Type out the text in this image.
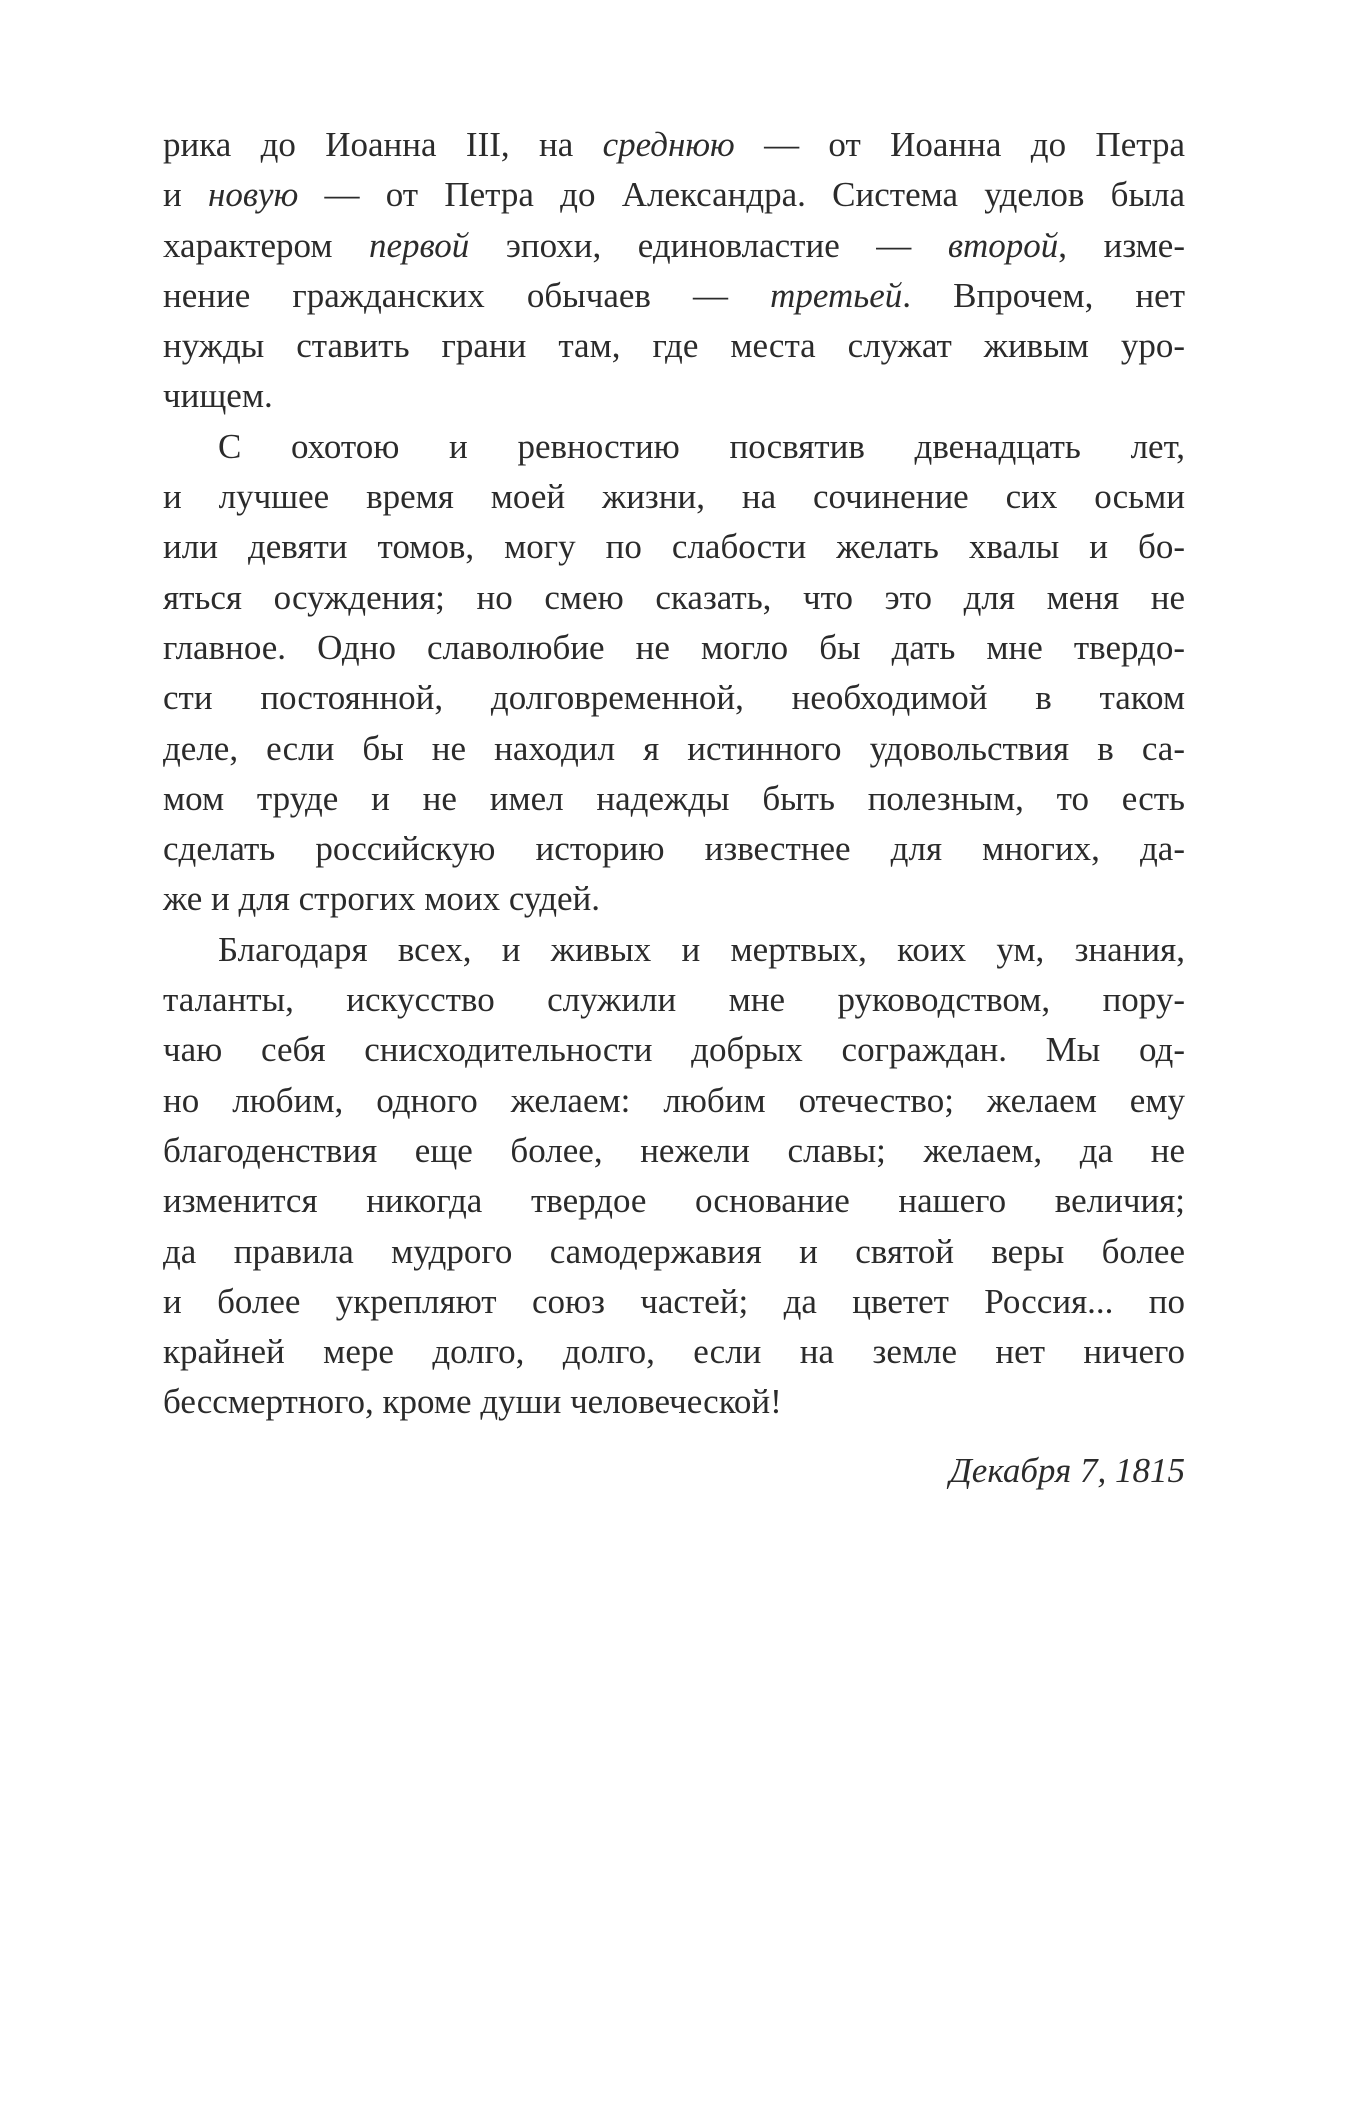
рика до Иоанна III, на среднюю — от Иоанна до Петра
и новую — от Петра до Александра. Система уделов была
характером первой эпохи, единовластие — второй, изме-
нение гражданских обычаев — третьей. Впрочем, нет
нужды ставить грани там, где места служат живым уро-
чищем.
С охотою и ревностию посвятив двенадцать лет,
и лучшее время моей жизни, на сочинение сих осьми
или девяти томов, могу по слабости желать хвалы и бо-
яться осуждения; но смею сказать, что это для меня не
главное. Одно славолюбие не могло бы дать мне твердо-
сти постоянной, долговременной, необходимой в таком
деле, если бы не находил я истинного удовольствия в са-
мом труде и не имел надежды быть полезным, то есть
сделать российскую историю известнее для многих, да-
же и для строгих моих судей.
Благодаря всех, и живых и мертвых, коих ум, знания,
таланты, искусство служили мне руководством, пору-
чаю себя снисходительности добрых сограждан. Мы од-
но любим, одного желаем: любим отечество; желаем ему
благоденствия еще более, нежели славы; желаем, да не
изменится никогда твердое основание нашего величия;
да правила мудрого самодержавия и святой веры более
и более укрепляют союз частей; да цветет Россия... по
крайней мере долго, долго, если на земле нет ничего
бессмертного, кроме души человеческой!
Декабря 7, 1815
